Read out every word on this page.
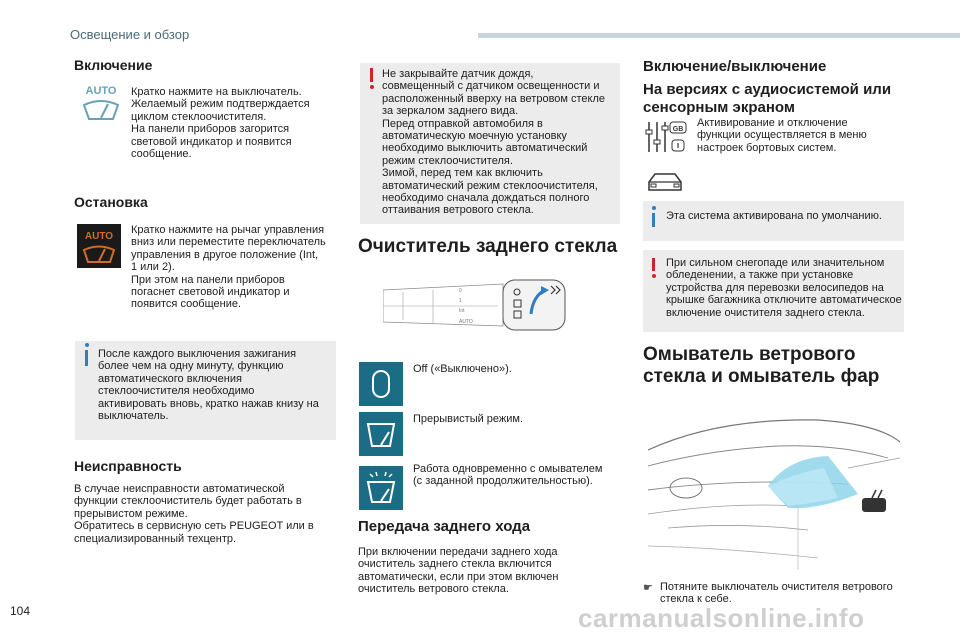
Освещение и обзор
Включение
AUTO Кратко нажмите на выключатель.
Желаемый режим подтверждается
циклом стеклоочистителя.
На панели приборов загорится
световой индикатор и появится
сообщение.
Остановка
AUTO
Кратко нажмите на рычаг управления
вниз или переместите переключатель
управления в другое положение (Int,
1 или 2).
При этом на панели приборов
погаснет световой индикатор и
появится сообщение.
После каждого выключения зажигания
более чем на одну минуту, функцию
автоматического включения
стеклоочистителя необходимо
активировать вновь, кратко нажав книзу на
выключатель.
Неисправность
В случае неисправности автоматической
функции стеклоочиститель будет работать в
прерывистом режиме.
Обратитесь в сервисную сеть PEUGEOT или в
специализированный техцентр.
Не закрывайте датчик дождя,
совмещенный с датчиком освещенности и
расположенный вверху на ветровом стекле
за зеркалом заднего вида.
Перед отправкой автомобиля в
автоматическую моечную установку
необходимо выключить автоматический
режим стеклоочистителя.
Зимой, перед тем как включить
автоматический режим стеклоочистителя,
необходимо сначала дождаться полного
оттаивания ветрового стекла.
Очиститель заднего стекла
0
1
Int
AUTO
Off («Выключено»).
Прерывистый режим.
Работа одновременно с омывателем
(с заданной продолжительностью).
Передача заднего хода
При включении передачи заднего хода
очиститель заднего стекла включится
автоматически, если при этом включен
очиститель ветрового стекла.
Включение/выключение
На версиях с аудиосистемой или сенсорным экраном
GB
Активирование и отключение
функции осуществляется в меню
настроек бортовых систем.
Эта система активирована по умолчанию.
При сильном снегопаде или значительном
обледенении, а также при установке
устройства для перевозки велосипедов на
крышке багажника отключите автоматическое
включение очистителя заднего стекла.
Омыватель ветрового
стекла и омыватель фар
☛ Потяните выключатель очистителя ветрового
стекла к себе.
104	carmanualsonline.info
